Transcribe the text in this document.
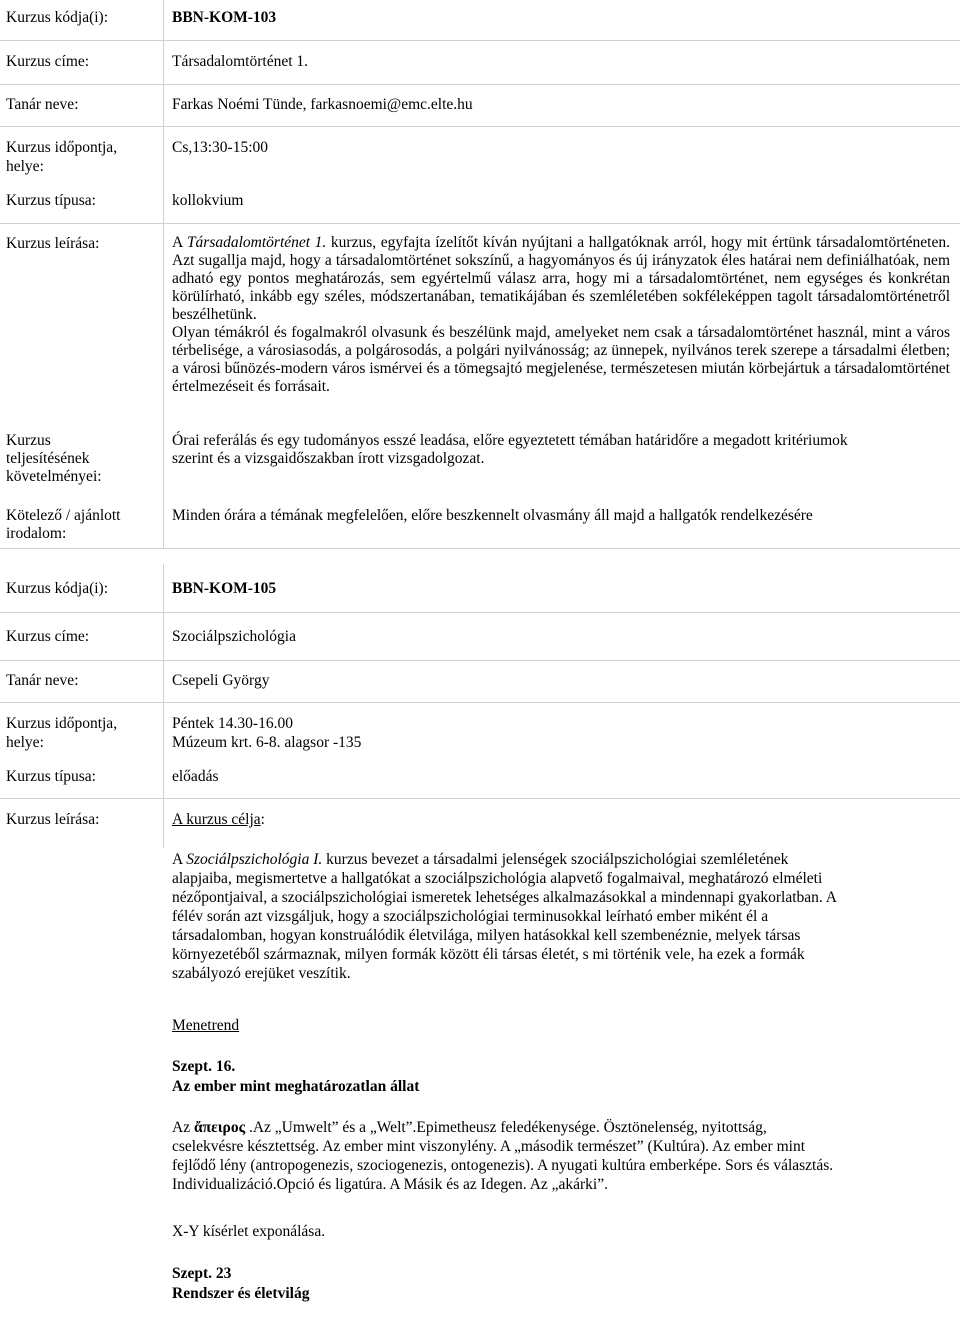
Kurzus kódja(i):	BBN-KOM-103
Kurzus címe:	Társadalomtörténet 1.
Tanár neve:	Farkas Noémi Tünde, farkasnoemi@emc.elte.hu
Kurzus időpontja,
helye:
Cs,13:30-15:00
Kurzus típusa:	kollokvium
Kurzus leírása:	A Társadalomtörténet 1. kurzus, egyfajta ízelítőt kíván nyújtani a hallgatóknak arról, hogy mit értünk társadalomtörténeten. Azt sugallja majd, hogy a társadalomtörténet sokszínű, a hagyományos és új irányzatok éles határai nem definiálhatóak, nem adható egy pontos meghatározás, sem egyértelmű válasz arra, hogy mi a társadalomtörténet, nem egységes és konkrétan körülírható, inkább egy széles, módszertanában, tematikájában és szemléletében sokféleképpen tagolt társadalomtörténetről beszélhetünk.

Olyan témákról és fogalmakról olvasunk és beszélünk majd, amelyeket nem csak a társadalomtörténet használ, mint a város térbelisége, a városiasodás, a polgárosodás, a polgári nyilvánosság; az ünnepek, nyilvános terek szerepe a társadalmi életben; a városi bűnözés-modern város ismérvei és a tömegsajtó megjelenése, természetesen miután körbejártuk a társadalomtörténet értelmezéseit és forrásait.

Kurzus
teljesítésének
követelményei:
Órai referálás és egy tudományos esszé leadása, előre egyeztetett témában határidőre a megadott kritériumok szerint és a vizsgaidőszakban írott vizsgadolgozat.
Kötelező / ajánlott
irodalom:
Minden órára a témának megfelelően, előre beszkennelt olvasmány áll majd a hallgatók rendelkezésére
Kurzus kódja(i):	BBN-KOM-105
Kurzus címe:	Szociálpszichológia
Tanár neve:	Csepeli György
Kurzus időpontja,
helye:
Péntek 14.30-16.00
Múzeum krt. 6-8. alagsor -135
Kurzus típusa:	előadás
Kurzus leírása:	A kurzus célja:
A Szociálpszichológia I. kurzus bevezet a társadalmi jelenségek szociálpszichológiai szemléletének
alapjaiba, megismertetve a hallgatókat a szociálpszichológia alapvető fogalmaival, meghatározó elméleti
nézőpontjaival, a szociálpszichológiai ismeretek lehetséges alkalmazásokkal a mindennapi gyakorlatban. A
félév során azt vizsgáljuk, hogy a szociálpszichológiai terminusokkal leírható ember miként él a
társadalomban, hogyan konstruálódik életvilága, milyen hatásokkal kell szembenéznie, melyek társas
környezetéből származnak, milyen formák között éli társas életét, s mi történik vele, ha ezek a formák
szabályozó erejüket veszítik.
Menetrend
Szept. 16.
Az ember mint meghatározatlan állat
Az ἄπειρος .Az „Umwelt” és a „Welt”.Epimetheusz feledékenysége. Ösztönelenség, nyitottság,
cselekvésre késztettség. Az ember mint viszonylény. A „második természet” (Kultúra). Az ember mint
fejlődő lény (antropogenezis, szociogenezis, ontogenezis). A nyugati kultúra emberképe. Sors és választás.
Individualizáció.Opció és ligatúra. A Másik és az Idegen. Az „akárki”.
X-Y kísérlet exponálása.
Szept. 23
Rendszer és életvilág
